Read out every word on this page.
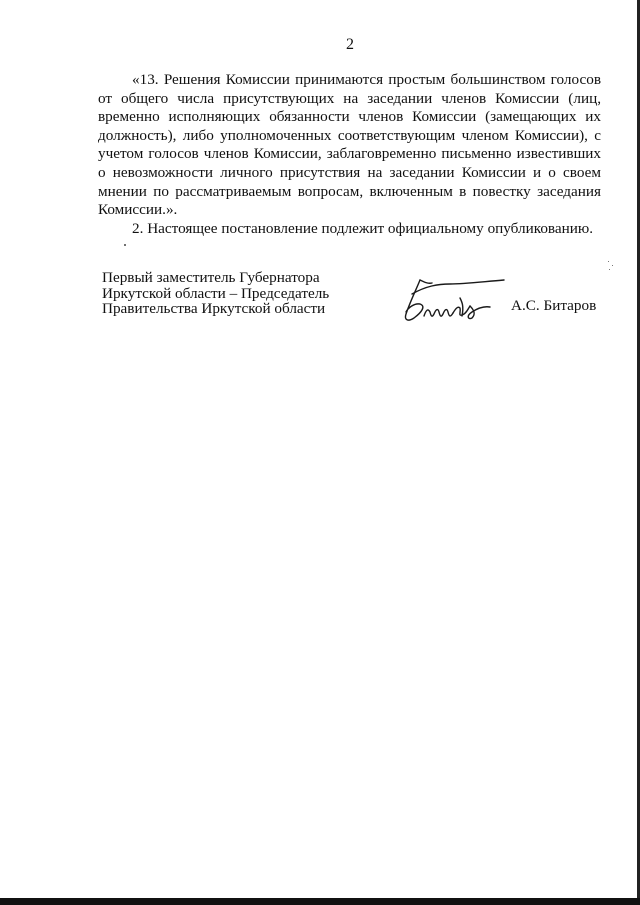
2

«13. Решения Комиссии принимаются простым большинством голосов от общего числа присутствующих на заседании членов Комиссии (лиц, временно исполняющих обязанности членов Комиссии (замещающих их должность), либо уполномоченных соответствующим членом Комиссии), с учетом голосов членов Комиссии, заблаговременно письменно известивших о невозможности личного присутствия на заседании Комиссии и о своем мнении по рассматриваемым вопросам, включенным в повестку заседания Комиссии.».

2. Настоящее постановление подлежит официальному опубликованию.

Первый заместитель Губернатора
Иркутской области – Председатель
Правительства Иркутской области	А.С. Битаров
